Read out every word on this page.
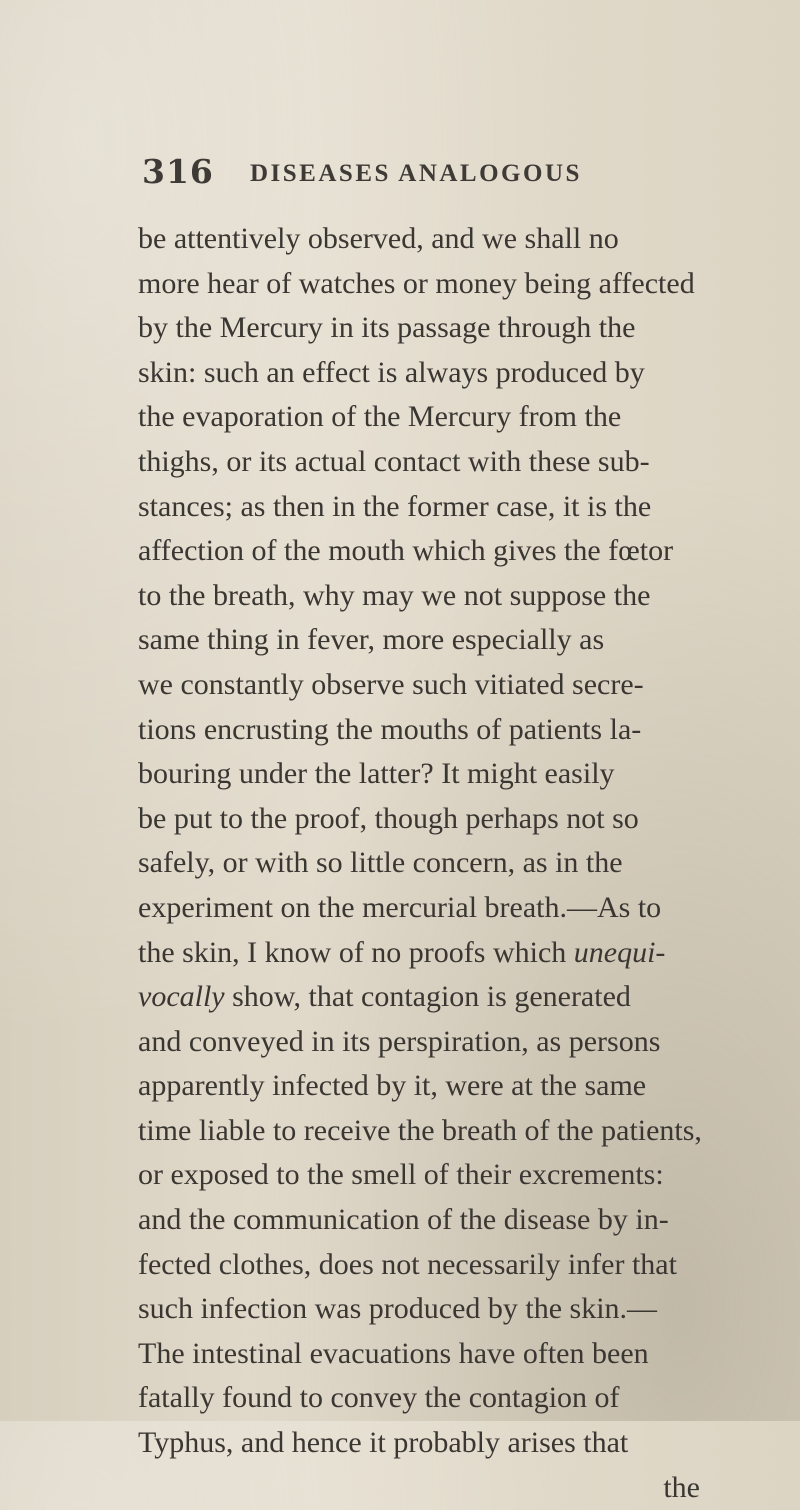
316 DISEASES ANALOGOUS
be attentively observed, and we shall no
more hear of watches or money being affected
by the Mercury in its passage through the
skin: such an effect is always produced by
the evaporation of the Mercury from the
thighs, or its actual contact with these sub-
stances; as then in the former case, it is the
affection of the mouth which gives the fœtor
to the breath, why may we not suppose the
same thing in fever, more especially as
we constantly observe such vitiated secre-
tions encrusting the mouths of patients la-
bouring under the latter? It might easily
be put to the proof, though perhaps not so
safely, or with so little concern, as in the
experiment on the mercurial breath.—As to
the skin, I know of no proofs which unequi-
vocally show, that contagion is generated
and conveyed in its perspiration, as persons
apparently infected by it, were at the same
time liable to receive the breath of the patients,
or exposed to the smell of their excrements:
and the communication of the disease by in-
fected clothes, does not necessarily infer that
such infection was produced by the skin.—
The intestinal evacuations have often been
fatally found to convey the contagion of
Typhus, and hence it probably arises that
the
